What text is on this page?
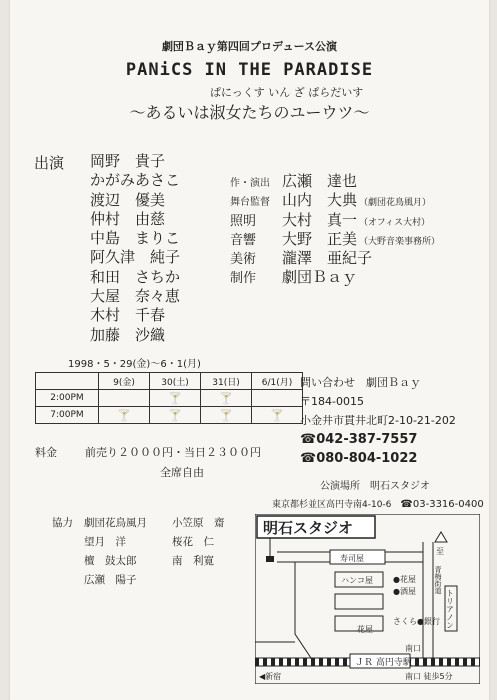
劇団Ｂａｙ第四回プロデュース公演
PANiCS IN THE PARADISE
ぱにっくす いん ざ ぱらだいす
〜あるいは淑女たちのユーウツ〜
出演 岡野　貴子
かがみあさこ
渡辺　優美
仲村　由慈
中島　まりこ
阿久津　純子
和田　さちか
大屋　奈々恵
木村　千春
加藤　沙織
作・演出 広瀬　達也
舞台監督 山内　大典 （劇団花鳥風月）
照明	大村　真一 （オフィス大村）
音響	大野　正美 （大野音楽事務所）
美術	瀧澤　亜紀子
制作	劇団Ｂａｙ
1998・5・29(金)〜6・1(月)
	9(金)	30(土)	31(日)	6/1(月)
2:00PM		🍸	🍸	
7:00PM	🍸	🍸	🍸	🍸
問い合わせ　劇団Ｂａｙ
〒184-0015
小金井市貫井北町2-10-21-202
☎042-387-7557
☎080-804-1022
料金	前売り２０００円・当日２３００円
全席自由
公演場所　明石スタジオ
東京都杉並区高円寺南4-10-6　 ☎03-3316-0400
協力	劇団花鳥風月	小笠原　齋
望月　洋	桜花　仁
檀　鼓太郎	南　利寛
広瀬　陽子
明石スタジオ
至
青梅街道
寿司屋
ハンコ屋	●花屋
●酒屋
花屋
さくら●銀行 トリアノン
南口
ＪＲ 高円寺駅
◀新宿	南口 徒歩5分
